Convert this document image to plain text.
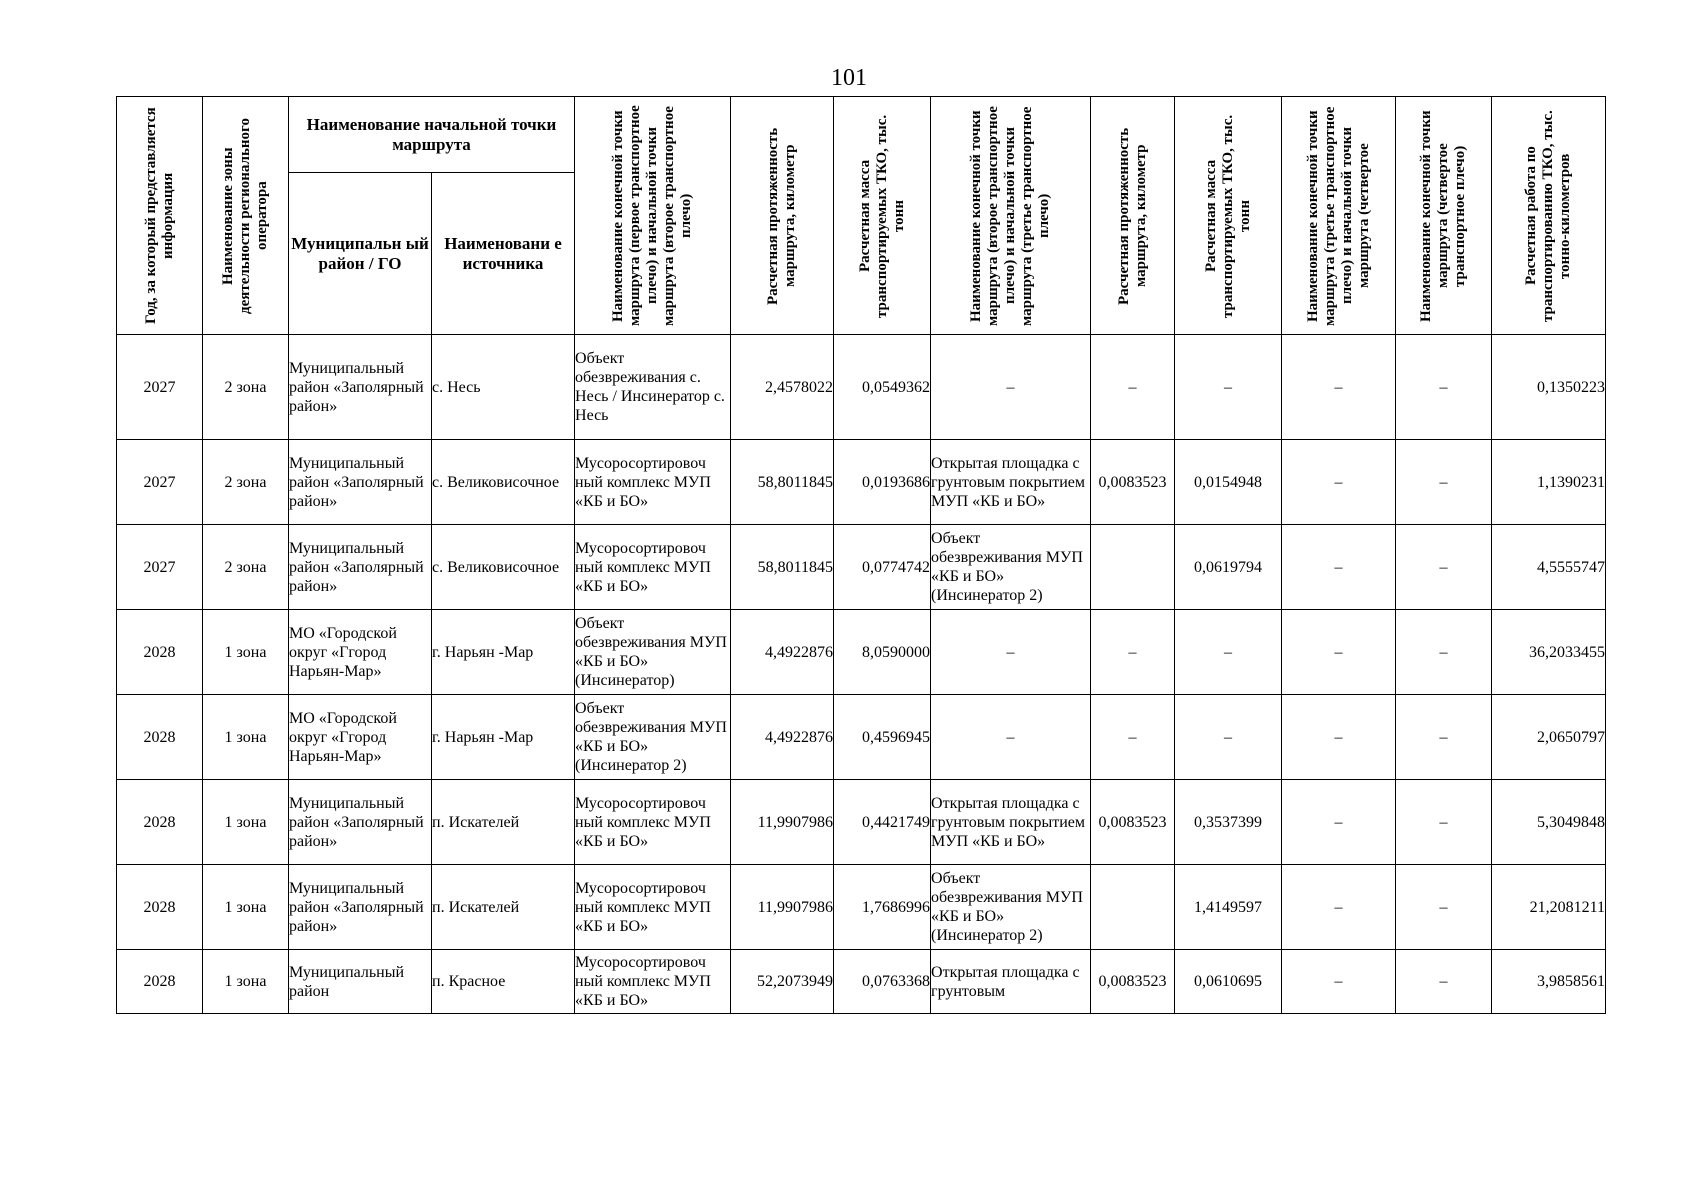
101
Год, за который представляется информация	Наименование зоны деятельности регионального оператора	Наименование начальной точки маршрута		Наименование конечной точки маршрута (первое транспортное плечо) и начальной точки маршрута (второе транспортное плечо)	Расчетная протяженность маршрута, километр	Расчетная масса транспортируемых ТКО, тыс. тонн	Наименование конечной точки маршрута (второе транспортное плечо) и начальной точки маршрута (третье транспортное плечо)	Расчетная протяженность маршрута, километр	Расчетная масса транспортируемых ТКО, тыс. тонн	Наименование конечной точки маршрута (третье транспортное плечо) и начальной точки маршрута (четвертое	Наименование конечной точки маршрута (четвертое транспортное плечо)	Расчетная работа по транспортированию ТКО, тыс. тонно-километров

		Муниципальн ый район / ГО	Наименовани е источника									
2027	2 зона	Муниципальный район «Заполярный район»	с. Несь	Объект обезвреживания с. Несь / Инсинератор с. Несь	2,4578022	0,0549362	–	–	–	–	–	0,1350223
2027	2 зона	Муниципальный район «Заполярный район»	с. Великовисочное	Мусоросортировоч ный комплекс МУП «КБ и БО»	58,8011845	0,0193686	Открытая площадка с грунтовым покрытием МУП «КБ и БО»	0,0083523	0,0154948	–	–	1,1390231
2027	2 зона	Муниципальный район «Заполярный район»	с. Великовисочное	Мусоросортировоч ный комплекс МУП «КБ и БО»	58,8011845	0,0774742	Объект обезвреживания МУП «КБ и БО» (Инсинератор 2)		0,0619794	–	–	4,5555747
2028	1 зона	МО «Городской округ «Ггород Нарьян-Мар»	г. Нарьян -Мар	Объект обезвреживания МУП «КБ и БО» (Инсинератор)	4,4922876	8,0590000	–	–	–	–	–	36,2033455
2028	1 зона	МО «Городской округ «Ггород Нарьян-Мар»	г. Нарьян -Мар	Объект обезвреживания МУП «КБ и БО» (Инсинератор 2)	4,4922876	0,4596945	–	–	–	–	–	2,0650797
2028	1 зона	Муниципальный район «Заполярный район»	п. Искателей	Мусоросортировоч ный комплекс МУП «КБ и БО»	11,9907986	0,4421749	Открытая площадка с грунтовым покрытием МУП «КБ и БО»	0,0083523	0,3537399	–	–	5,3049848
2028	1 зона	Муниципальный район «Заполярный район»	п. Искателей	Мусоросортировоч ный комплекс МУП «КБ и БО»	11,9907986	1,7686996	Объект обезвреживания МУП «КБ и БО» (Инсинератор 2)		1,4149597	–	–	21,2081211
2028	1 зона	Муниципальный район	п. Красное	Мусоросортировоч ный комплекс МУП «КБ и БО»	52,2073949	0,0763368	Открытая площадка с грунтовым	0,0083523	0,0610695	–	–	3,9858561
